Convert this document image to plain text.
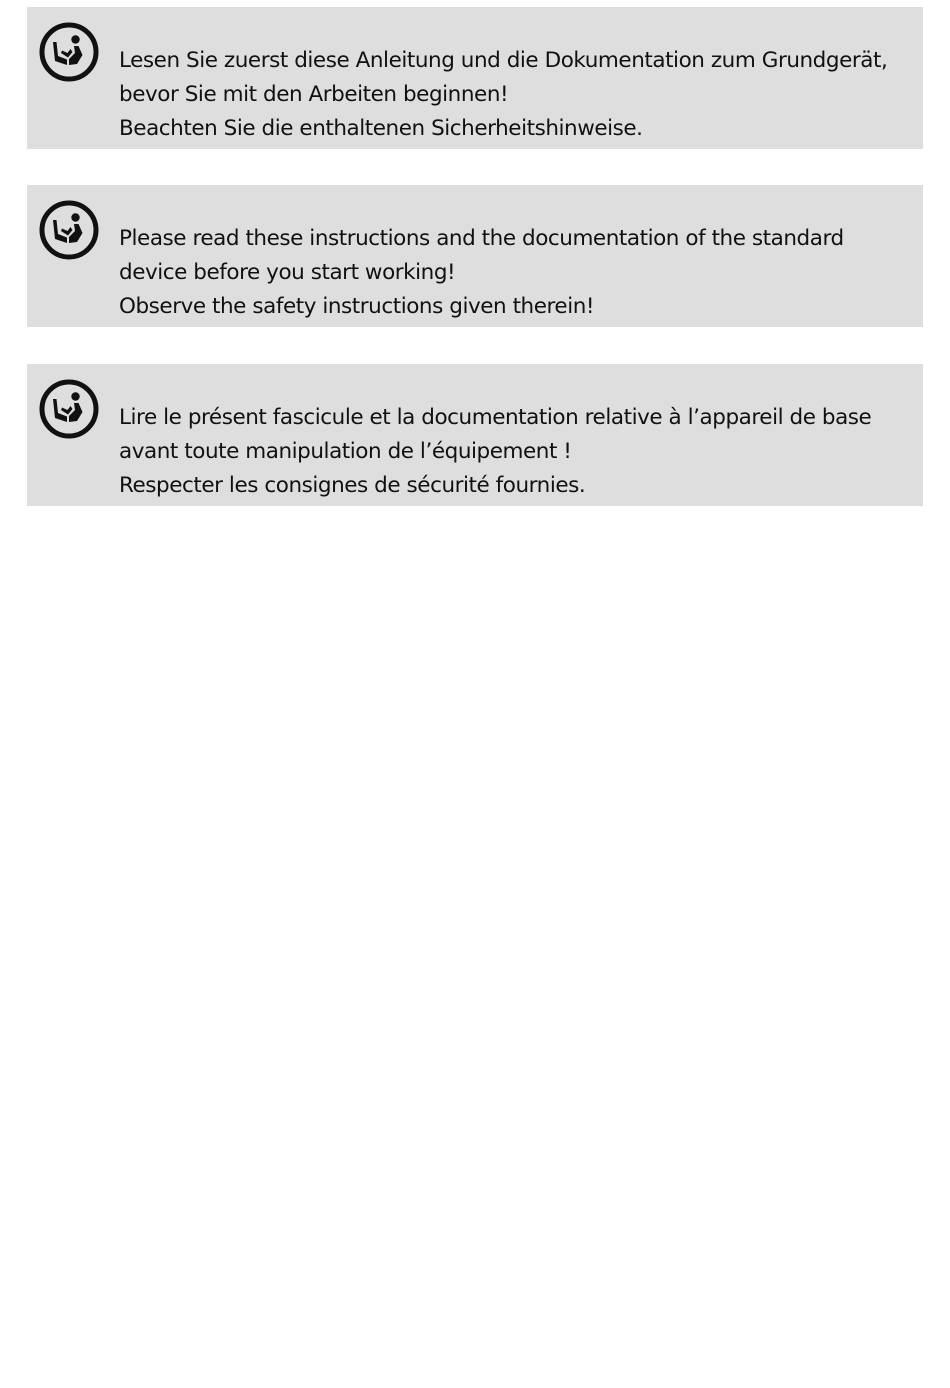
Lesen Sie zuerst diese Anleitung und die Dokumentation zum Grundgerät,
bevor Sie mit den Arbeiten beginnen!
Beachten Sie die enthaltenen Sicherheitshinweise.
Please read these instructions and the documentation of the standard
device before you start working!
Observe the safety instructions given therein!
Lire le présent fascicule et la documentation relative à l’appareil de base
avant toute manipulation de l’équipement !
Respecter les consignes de sécurité fournies.
